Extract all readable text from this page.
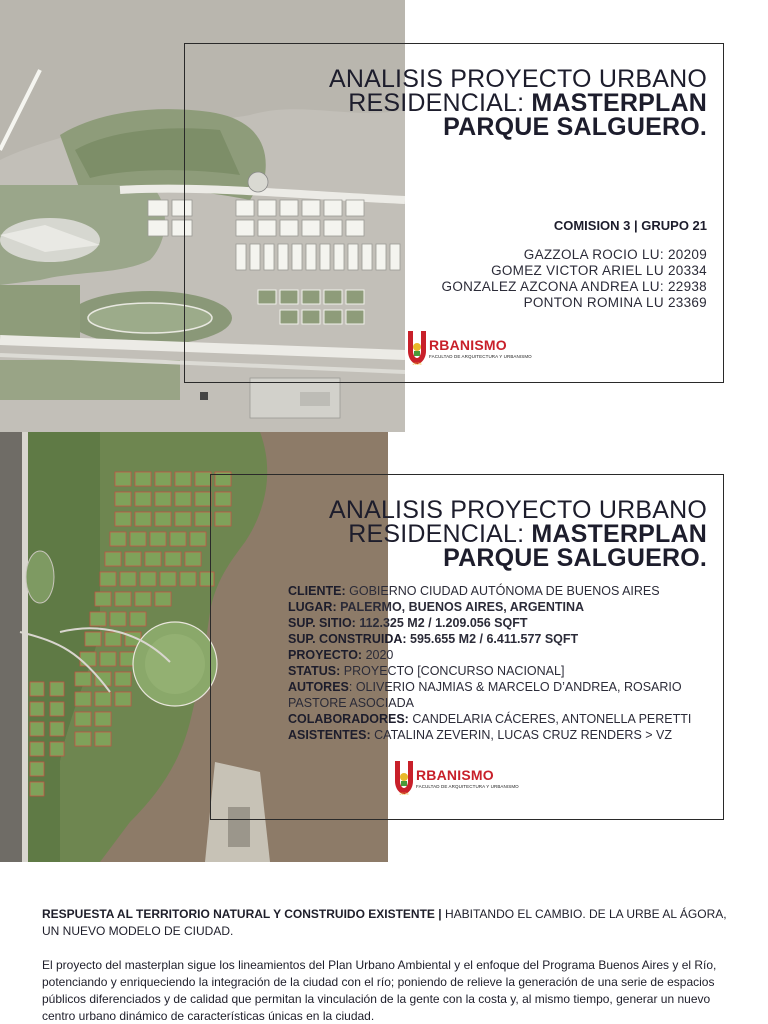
ANALISIS PROYECTO URBANO
RESIDENCIAL: MASTERPLAN
PARQUE SALGUERO.
COMISION 3 | GRUPO 21
GAZZOLA ROCIO LU: 20209
GOMEZ VICTOR ARIEL LU 20334
GONZALEZ AZCONA ANDREA LU: 22938
PONTON ROMINA LU 23369
2023
RBANISMO
FACULTAD DE ARQUITECTURA Y URBANISMO
ANALISIS PROYECTO URBANO
RESIDENCIAL: MASTERPLAN
PARQUE SALGUERO.

CLIENTE: GOBIERNO CIUDAD AUTÓNOMA DE BUENOS AIRES

LUGAR: PALERMO, BUENOS AIRES, ARGENTINA

SUP. SITIO: 112.325 M2 / 1.209.056 SQFT

SUP. CONSTRUIDA: 595.655 M2 / 6.411.577 SQFT

PROYECTO: 2020

STATUS: PROYECTO [CONCURSO NACIONAL]

AUTORES: OLIVERIO NAJMIAS & MARCELO D’ANDREA, ROSARIO PASTORE ASOCIADA

COLABORADORES: CANDELARIA CÁCERES, ANTONELLA PERETTI

ASISTENTES: CATALINA ZEVERIN, LUCAS CRUZ RENDERS > VZ

2023
RBANISMO
FACULTAD DE ARQUITECTURA Y URBANISMO

RESPUESTA AL TERRITORIO NATURAL Y CONSTRUIDO EXISTENTE | HABITANDO EL CAMBIO. DE LA URBE AL ÁGORA, UN NUEVO MODELO DE CIUDAD.

El proyecto del masterplan sigue los lineamientos del Plan Urbano Ambiental y el enfoque del Programa Buenos Aires y el Río, potenciando y enriqueciendo la integración de la ciudad con el río; poniendo de relieve la generación de una serie de espacios públicos diferenciados y de calidad que permitan la vinculación de la gente con la costa y, al mismo tiempo, generar un nuevo centro urbano dinámico de características únicas en la ciudad.
